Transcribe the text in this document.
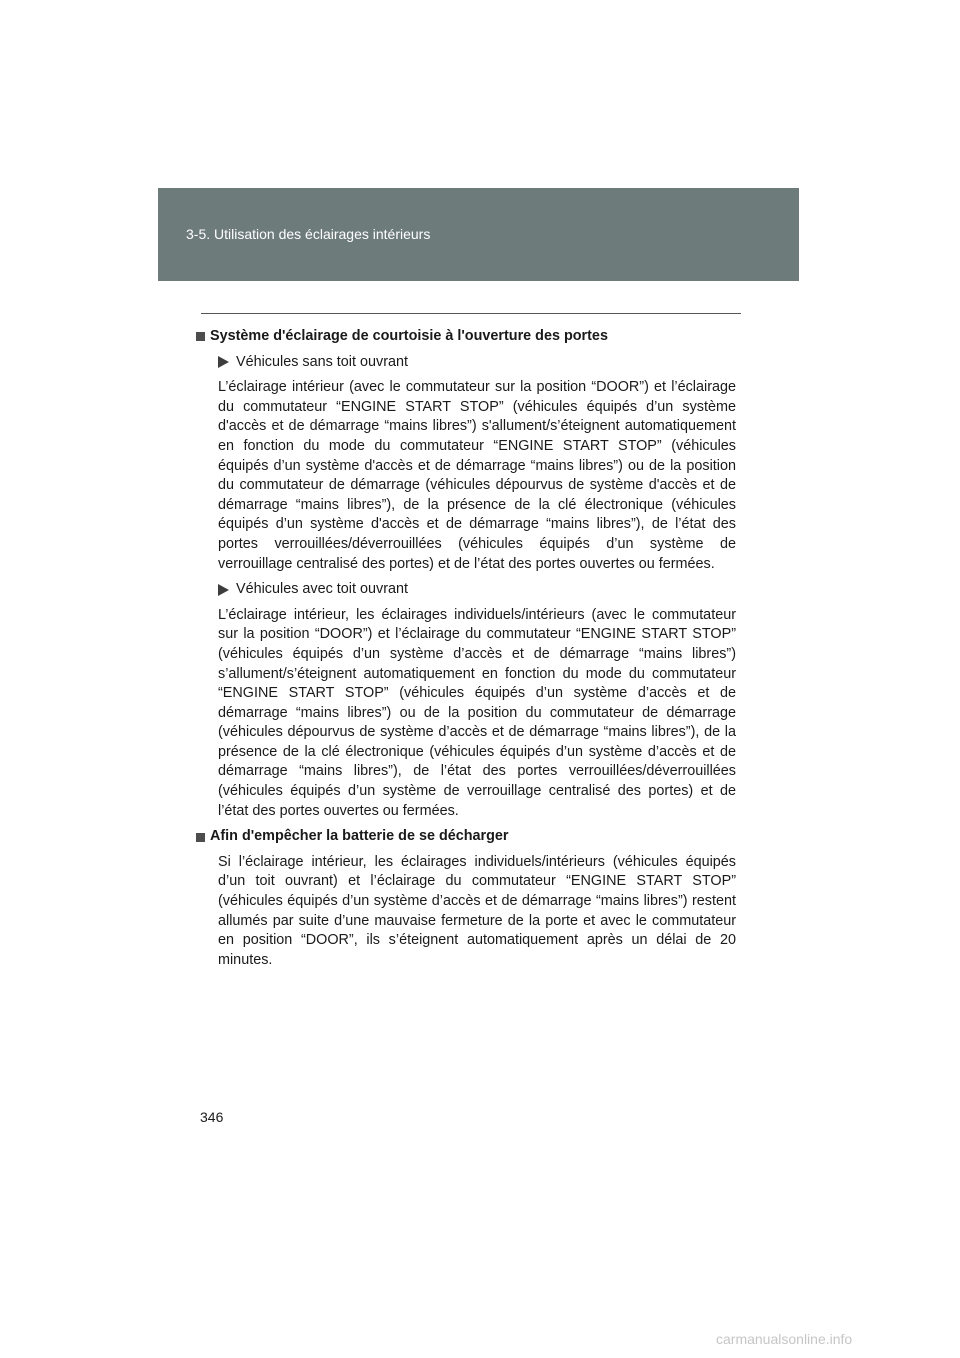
3-5. Utilisation des éclairages intérieurs
Système d'éclairage de courtoisie à l'ouverture des portes
Véhicules sans toit ouvrant

L’éclairage intérieur (avec le commutateur sur la position “DOOR”) et l’éclairage du commutateur “ENGINE START STOP” (véhicules équipés d’un système d'accès et de démarrage “mains libres”) s'allument/s’éteignent automatiquement en fonction du mode du commutateur “ENGINE START STOP” (véhicules équipés d’un système d'accès et de démarrage “mains libres”) ou de la position du commutateur de démarrage (véhicules dépourvus de système d'accès et de démarrage “mains libres”), de la présence de la clé électronique (véhicules équipés d’un système d'accès et de démarrage “mains libres”), de l’état des portes verrouillées/déverrouillées (véhicules équipés d’un système de verrouillage centralisé des portes) et de l’état des portes ouvertes ou fermées.

Véhicules avec toit ouvrant

L’éclairage intérieur, les éclairages individuels/intérieurs (avec le commutateur sur la position “DOOR”) et l’éclairage du commutateur “ENGINE START STOP” (véhicules équipés d’un système d’accès et de démarrage “mains libres”) s’allument/s’éteignent automatiquement en fonction du mode du commutateur “ENGINE START STOP” (véhicules équipés d’un système d’accès et de démarrage “mains libres”) ou de la position du commutateur de démarrage (véhicules dépourvus de système d’accès et de démarrage “mains libres”), de la présence de la clé électronique (véhicules équipés d’un système d’accès et de démarrage “mains libres”), de l’état des portes verrouillées/déverrouillées (véhicules équipés d’un système de verrouillage centralisé des portes) et de l’état des portes ouvertes ou fermées.

Afin d'empêcher la batterie de se décharger

Si l’éclairage intérieur, les éclairages individuels/intérieurs (véhicules équipés d’un toit ouvrant) et l’éclairage du commutateur “ENGINE START STOP” (véhicules équipés d’un système d’accès et de démarrage “mains libres”) restent allumés par suite d’une mauvaise fermeture de la porte et avec le commutateur en position “DOOR”, ils s’éteignent automatiquement après un délai de 20 minutes.

346
carmanualsonline.info
